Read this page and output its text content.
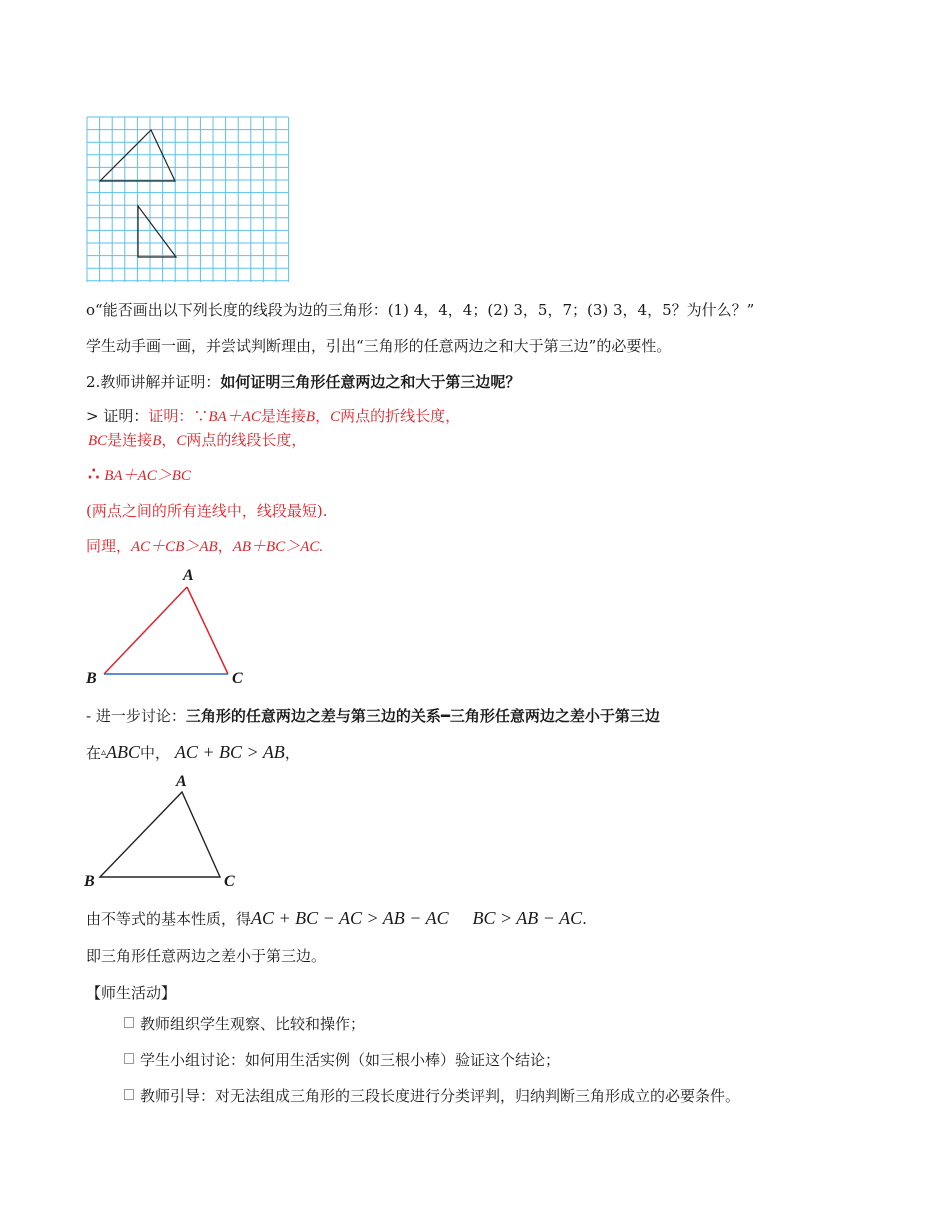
o“能否画出以下列长度的线段为边的三角形：(1) 4，4，4；(2) 3，5，7；(3) 3，4，5？为什么？”
学生动手画一画，并尝试判断理由，引出“三角形的任意两边之和大于第三边”的必要性。
2.教师讲解并证明：如何证明三角形任意两边之和大于第三边呢？
> 证明：证明：∵BA＋AC是连接B，C两点的折线长度，
BC是连接B，C两点的线段长度，
∴ BA＋AC＞BC
(两点之间的所有连线中，线段最短).
同理，AC＋CB＞AB，AB＋BC＞AC.
A
B	C
- 进一步讨论：三角形的任意两边之差与第三边的关系━三角形任意两边之差小于第三边
在▵ABC中， AC + BC > AB，
A
B	C
由不等式的基本性质，得AC + BC − AC > AB − AC BC > AB − AC.
即三角形任意两边之差小于第三边。
【师生活动】
教师组织学生观察、比较和操作；
学生小组讨论：如何用生活实例（如三根小棒）验证这个结论；
教师引导：对无法组成三角形的三段长度进行分类评判，归纳判断三角形成立的必要条件。
